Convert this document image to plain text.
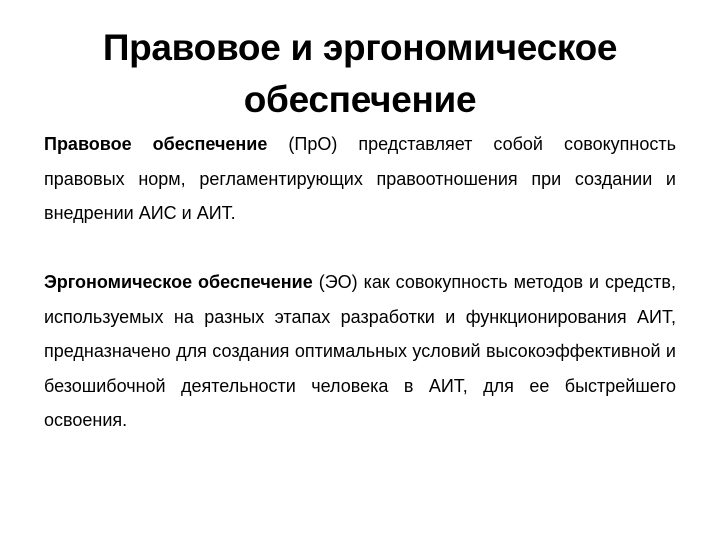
Правовое и эргономическое обеспечение

Правовое обеспечение (ПрО) представляет собой совокупность правовых норм, регламентирующих правоотношения при создании и внедрении АИС и АИТ.

Эргономическое обеспечение (ЭО) как совокупность методов и средств, используемых на разных этапах разработки и функционирования АИТ, предназначено для создания оптимальных условий высокоэффективной и безошибочной деятельности человека в АИТ, для ее быстрейшего освоения.
